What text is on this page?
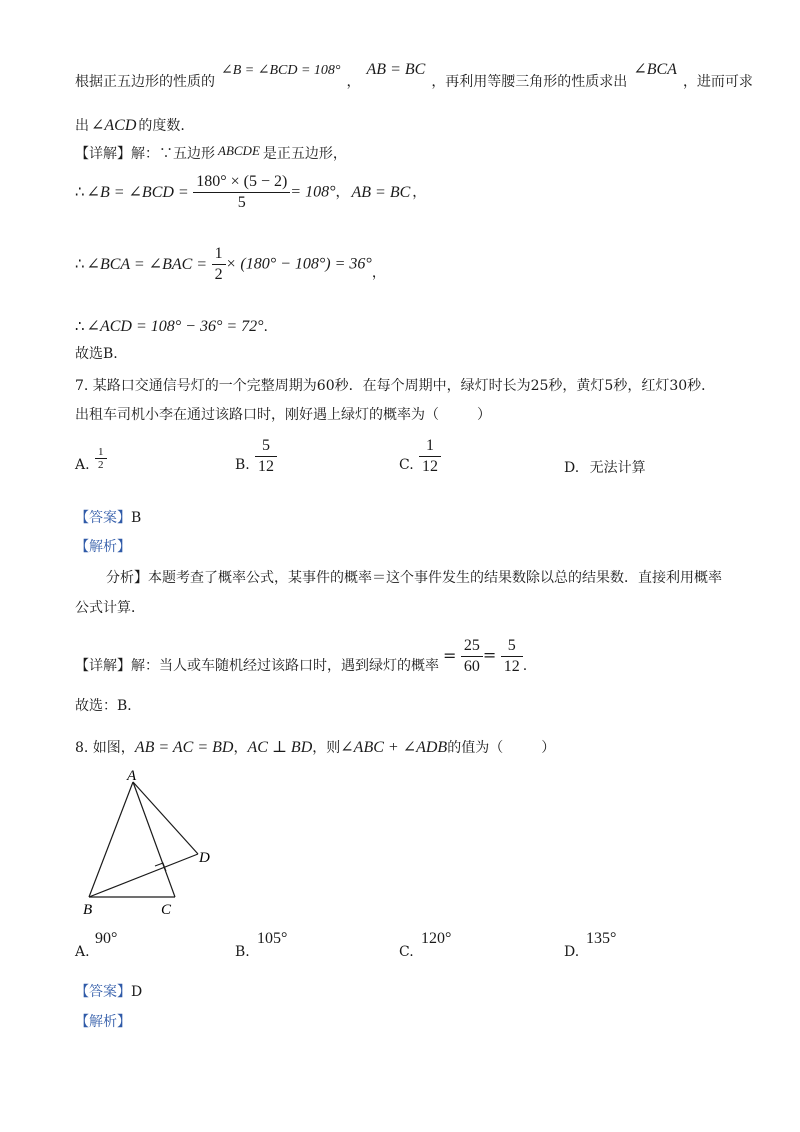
根据正五边形的性质的∠B = ∠BCD = 108°，AB = BC，再利用等腰三角形的性质求出∠BCA，进而可求
出 ∠ACD 的度数.
【详解】解：∵五边形 ABCDE 是正五边形，
∴ ∠B = ∠BCD = $\frac{180^\circ \times (5 - 2)}{5} = 108^\circ$， AB = BC ，
∴ ∠BCA = ∠BAC = $\frac{1}{2} \times (180^\circ - 108^\circ) = 36^\circ$，
∴ ∠ACD = 108° − 36° = 72°.
故选B.
7. 某路口交通信号灯的一个完整周期为60秒．在每个周期中，绿灯时长为25秒，黄灯5秒，红灯30秒．
出租车司机小李在通过该路口时，刚好遇上绿灯的概率为（	）
A. $\frac{1}{2}$	B. $\frac{5}{12}$	C. $\frac{1}{12}$	D. 无法计算
【答案】B
【解析】
分析】本题考查了概率公式，某事件的概率＝这个事件发生的结果数除以总的结果数．直接利用概率
公式计算．
【详解】解：当人或车随机经过该路口时，遇到绿灯的概率= $\frac{25}{60} = \frac{5}{12}$ .
故选：B．
8. 如图，AB = AC = BD，AC ⊥ BD，则∠ABC + ∠ADB的值为（	）
A
B	C
D
A.
90°
B.
105°
C.
120°
D.
135°
【答案】D
【解析】
